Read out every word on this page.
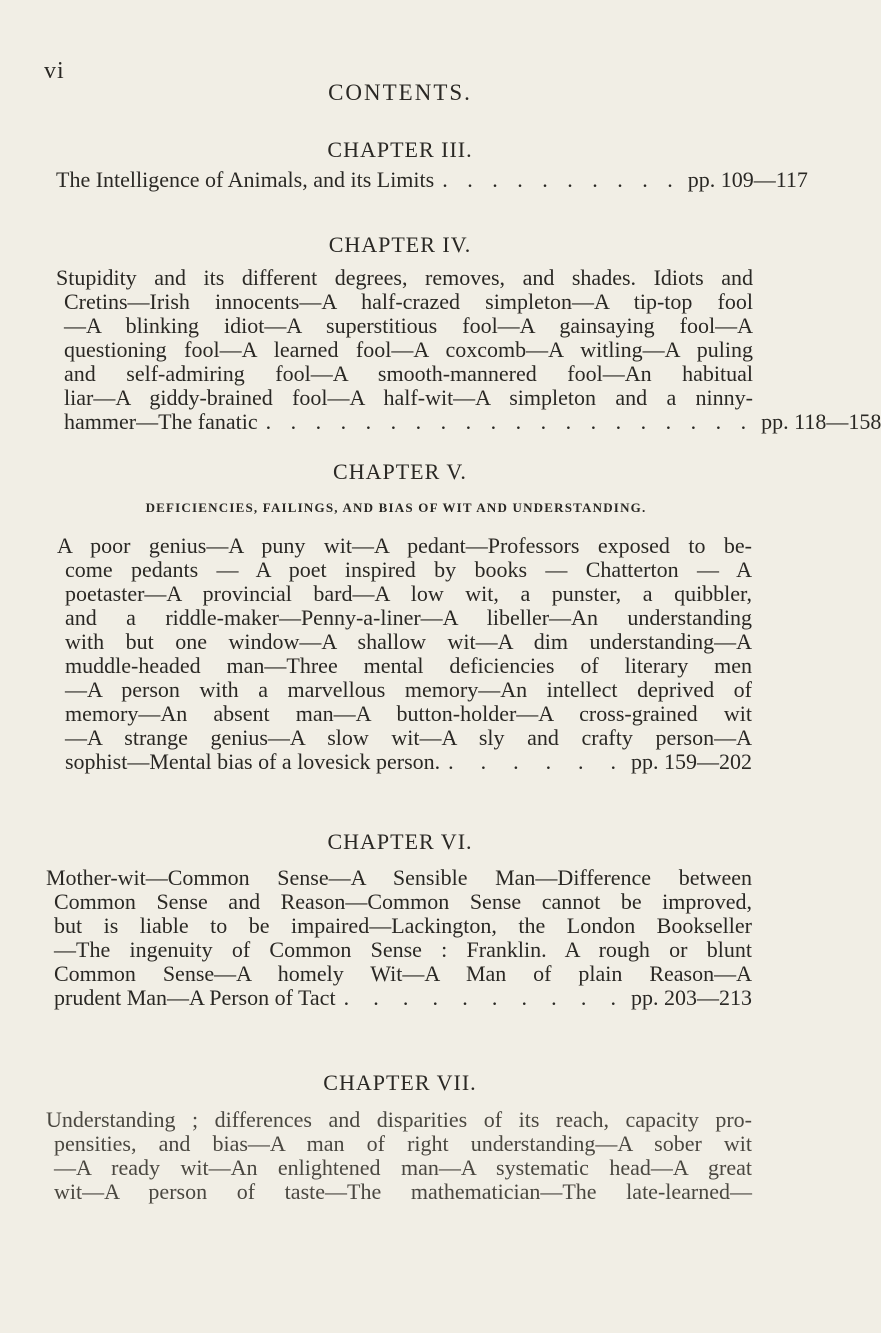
vi
CONTENTS.
CHAPTER III.
The Intelligence of Animals, and its Limits . . . . . . . . . . pp. 109—117
CHAPTER IV.
Stupidity and its different degrees, removes, and shades. Idiots and
Cretins—Irish innocents—A half-crazed simpleton—A tip-top fool
—A blinking idiot—A superstitious fool—A gainsaying fool—A
questioning fool—A learned fool—A coxcomb—A witling—A puling
and self-admiring fool—A smooth-mannered fool—An habitual
liar—A giddy-brained fool—A half-wit—A simpleton and a ninny-
hammer—The fanatic . . . . . . . . . . . . . . . . . . . . pp. 118—158
CHAPTER V.
DEFICIENCIES, FAILINGS, AND BIAS OF WIT AND UNDERSTANDING.
A poor genius—A puny wit—A pedant—Professors exposed to be-
come pedants — A poet inspired by books — Chatterton — A
poetaster—A provincial bard—A low wit, a punster, a quibbler,
and a riddle-maker—Penny-a-liner—A libeller—An understanding
with but one window—A shallow wit—A dim understanding—A
muddle-headed man—Three mental deficiencies of literary men
—A person with a marvellous memory—An intellect deprived of
memory—An absent man—A button-holder—A cross-grained wit
—A strange genius—A slow wit—A sly and crafty person—A
sophist—Mental bias of a lovesick person. . . . . . . pp. 159—202
CHAPTER VI.
Mother-wit—Common Sense—A Sensible Man—Difference between
Common Sense and Reason—Common Sense cannot be improved,
but is liable to be impaired—Lackington, the London Bookseller
—The ingenuity of Common Sense : Franklin. A rough or blunt
Common Sense—A homely Wit—A Man of plain Reason—A
prudent Man—A Person of Tact . . . . . . . . . . pp. 203—213
CHAPTER VII.
Understanding ; differences and disparities of its reach, capacity pro-
pensities, and bias—A man of right understanding—A sober wit
—A ready wit—An enlightened man—A systematic head—A great
wit—A person of taste—The mathematician—The late-learned—
